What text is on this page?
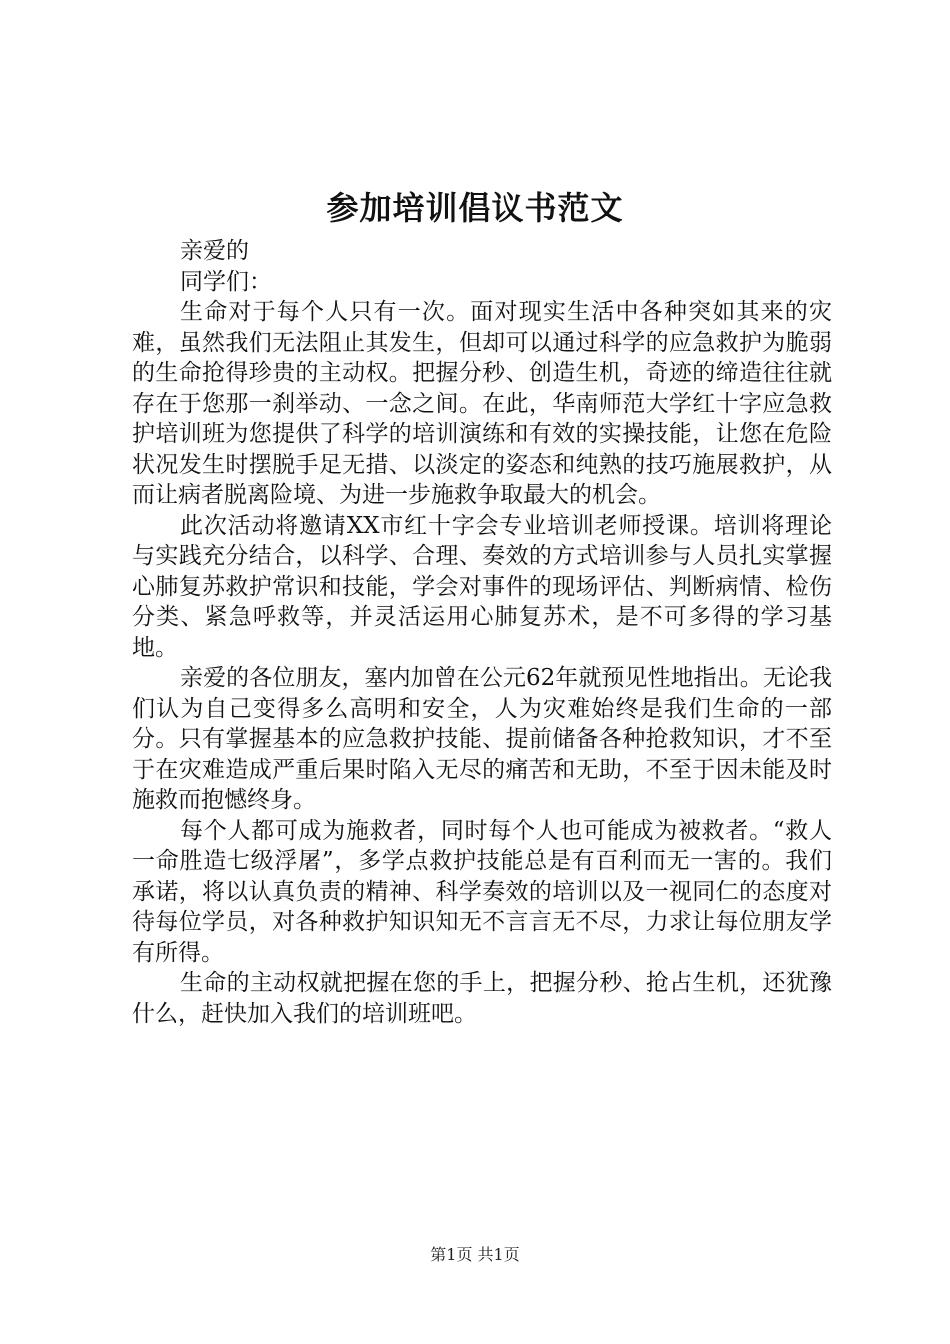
参加培训倡议书范文
亲爱的
同学们：

生命对于每个人只有一次。面对现实生活中各种突如其来的灾难，虽然我们无法阻止其发生，但却可以通过科学的应急救护为脆弱的生命抢得珍贵的主动权。把握分秒、创造生机，奇迹的缔造往往就存在于您那一刹举动、一念之间。在此，华南师范大学红十字应急救护培训班为您提供了科学的培训演练和有效的实操技能，让您在危险状况发生时摆脱手足无措、以淡定的姿态和纯熟的技巧施展救护，从而让病者脱离险境、为进一步施救争取最大的机会。

此次活动将邀请XX市红十字会专业培训老师授课。培训将理论与实践充分结合，以科学、合理、奏效的方式培训参与人员扎实掌握心肺复苏救护常识和技能，学会对事件的现场评估、判断病情、检伤分类、紧急呼救等，并灵活运用心肺复苏术，是不可多得的学习基地。

亲爱的各位朋友，塞内加曾在公元62年就预见性地指出。无论我们认为自己变得多么高明和安全，人为灾难始终是我们生命的一部分。只有掌握基本的应急救护技能、提前储备各种抢救知识，才不至于在灾难造成严重后果时陷入无尽的痛苦和无助，不至于因未能及时施救而抱憾终身。

每个人都可成为施救者，同时每个人也可能成为被救者。“救人一命胜造七级浮屠”，多学点救护技能总是有百利而无一害的。我们承诺，将以认真负责的精神、科学奏效的培训以及一视同仁的态度对待每位学员，对各种救护知识知无不言言无不尽，力求让每位朋友学有所得。

生命的主动权就把握在您的手上，把握分秒、抢占生机，还犹豫什么，赶快加入我们的培训班吧。

第1页 共1页
